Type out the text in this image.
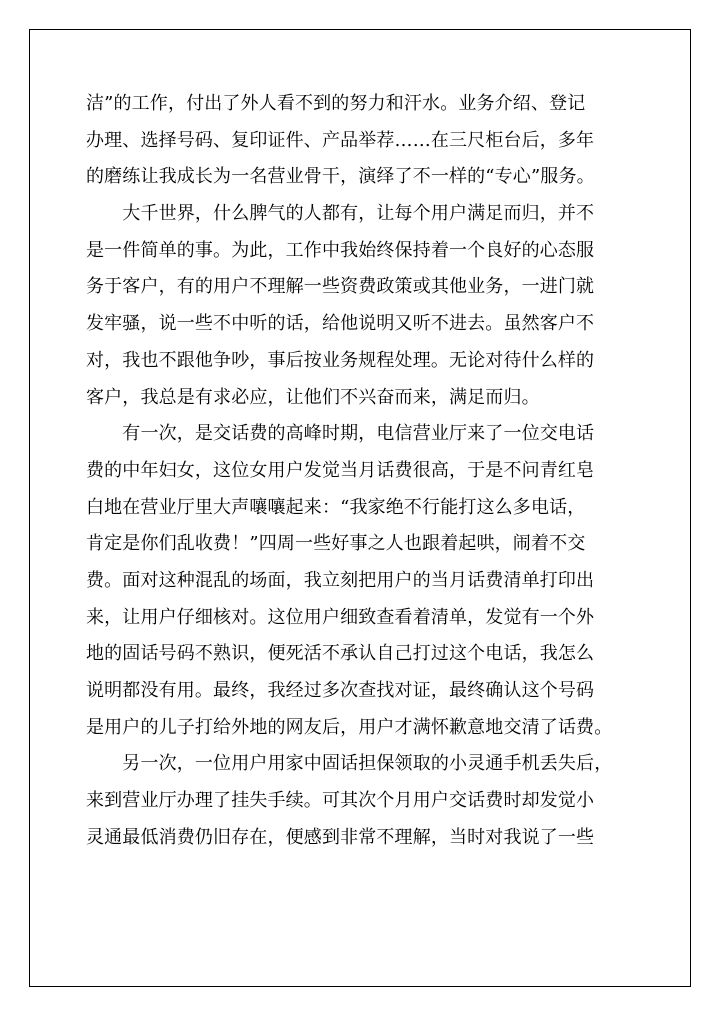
洁”的工作，付出了外人看不到的努力和汗水。业务介绍、登记
办理、选择号码、复印证件、产品举荐……在三尺柜台后，多年
的磨练让我成长为一名营业骨干，演绎了不一样的“专心”服务。
　　大千世界，什么脾气的人都有，让每个用户满足而归，并不
是一件简单的事。为此，工作中我始终保持着一个良好的心态服
务于客户，有的用户不理解一些资费政策或其他业务，一进门就
发牢骚，说一些不中听的话，给他说明又听不进去。虽然客户不
对，我也不跟他争吵，事后按业务规程处理。无论对待什么样的
客户，我总是有求必应，让他们不兴奋而来，满足而归。
　　有一次，是交话费的高峰时期，电信营业厅来了一位交电话
费的中年妇女，这位女用户发觉当月话费很高，于是不问青红皂
白地在营业厅里大声嚷嚷起来：“我家绝不行能打这么多电话，
肯定是你们乱收费！”四周一些好事之人也跟着起哄，闹着不交
费。面对这种混乱的场面，我立刻把用户的当月话费清单打印出
来，让用户仔细核对。这位用户细致查看着清单，发觉有一个外
地的固话号码不熟识，便死活不承认自己打过这个电话，我怎么
说明都没有用。最终，我经过多次查找对证，最终确认这个号码
是用户的儿子打给外地的网友后，用户才满怀歉意地交清了话费。
　　另一次，一位用户用家中固话担保领取的小灵通手机丢失后，
来到营业厅办理了挂失手续。可其次个月用户交话费时却发觉小
灵通最低消费仍旧存在，便感到非常不理解，当时对我说了一些
